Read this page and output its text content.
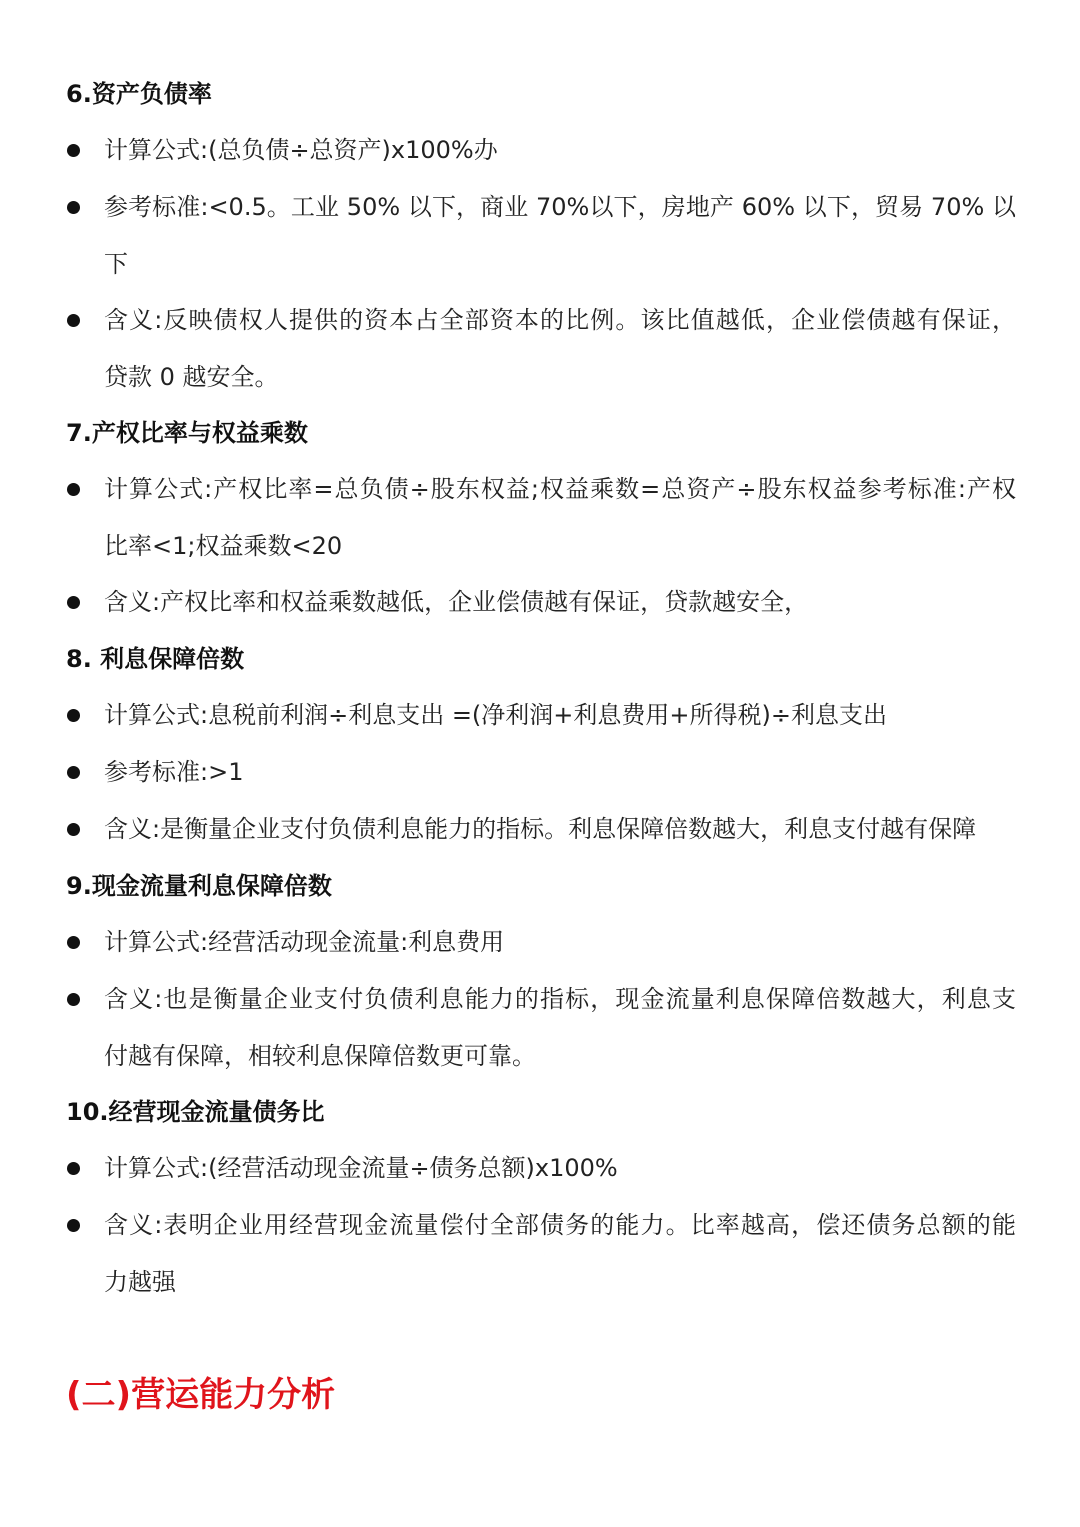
6.资产负债率
计算公式:(总负债÷总资产)x100%办
参考标准:<0.5。工业 50% 以下，商业 70%以下，房地产 60% 以下，贸易 70% 以
下
含义:反映债权人提供的资本占全部资本的比例。该比值越低，企业偿债越有保证，
贷款 0 越安全。
7.产权比率与权益乘数
计算公式:产权比率=总负债÷股东权益;权益乘数=总资产÷股东权益参考标准:产权
比率<1;权益乘数<20
含义:产权比率和权益乘数越低，企业偿债越有保证，贷款越安全，
8. 利息保障倍数
计算公式:息税前利润÷利息支出 =(净利润+利息费用+所得税)÷利息支出
参考标准:>1
含义:是衡量企业支付负债利息能力的指标。利息保障倍数越大，利息支付越有保障
9.现金流量利息保障倍数
计算公式:经营活动现金流量:利息费用
含义:也是衡量企业支付负债利息能力的指标，现金流量利息保障倍数越大，利息支
付越有保障，相较利息保障倍数更可靠。
10.经营现金流量债务比
计算公式:(经营活动现金流量÷债务总额)x100%
含义:表明企业用经营现金流量偿付全部债务的能力。比率越高，偿还债务总额的能
力越强
(二)营运能力分析
